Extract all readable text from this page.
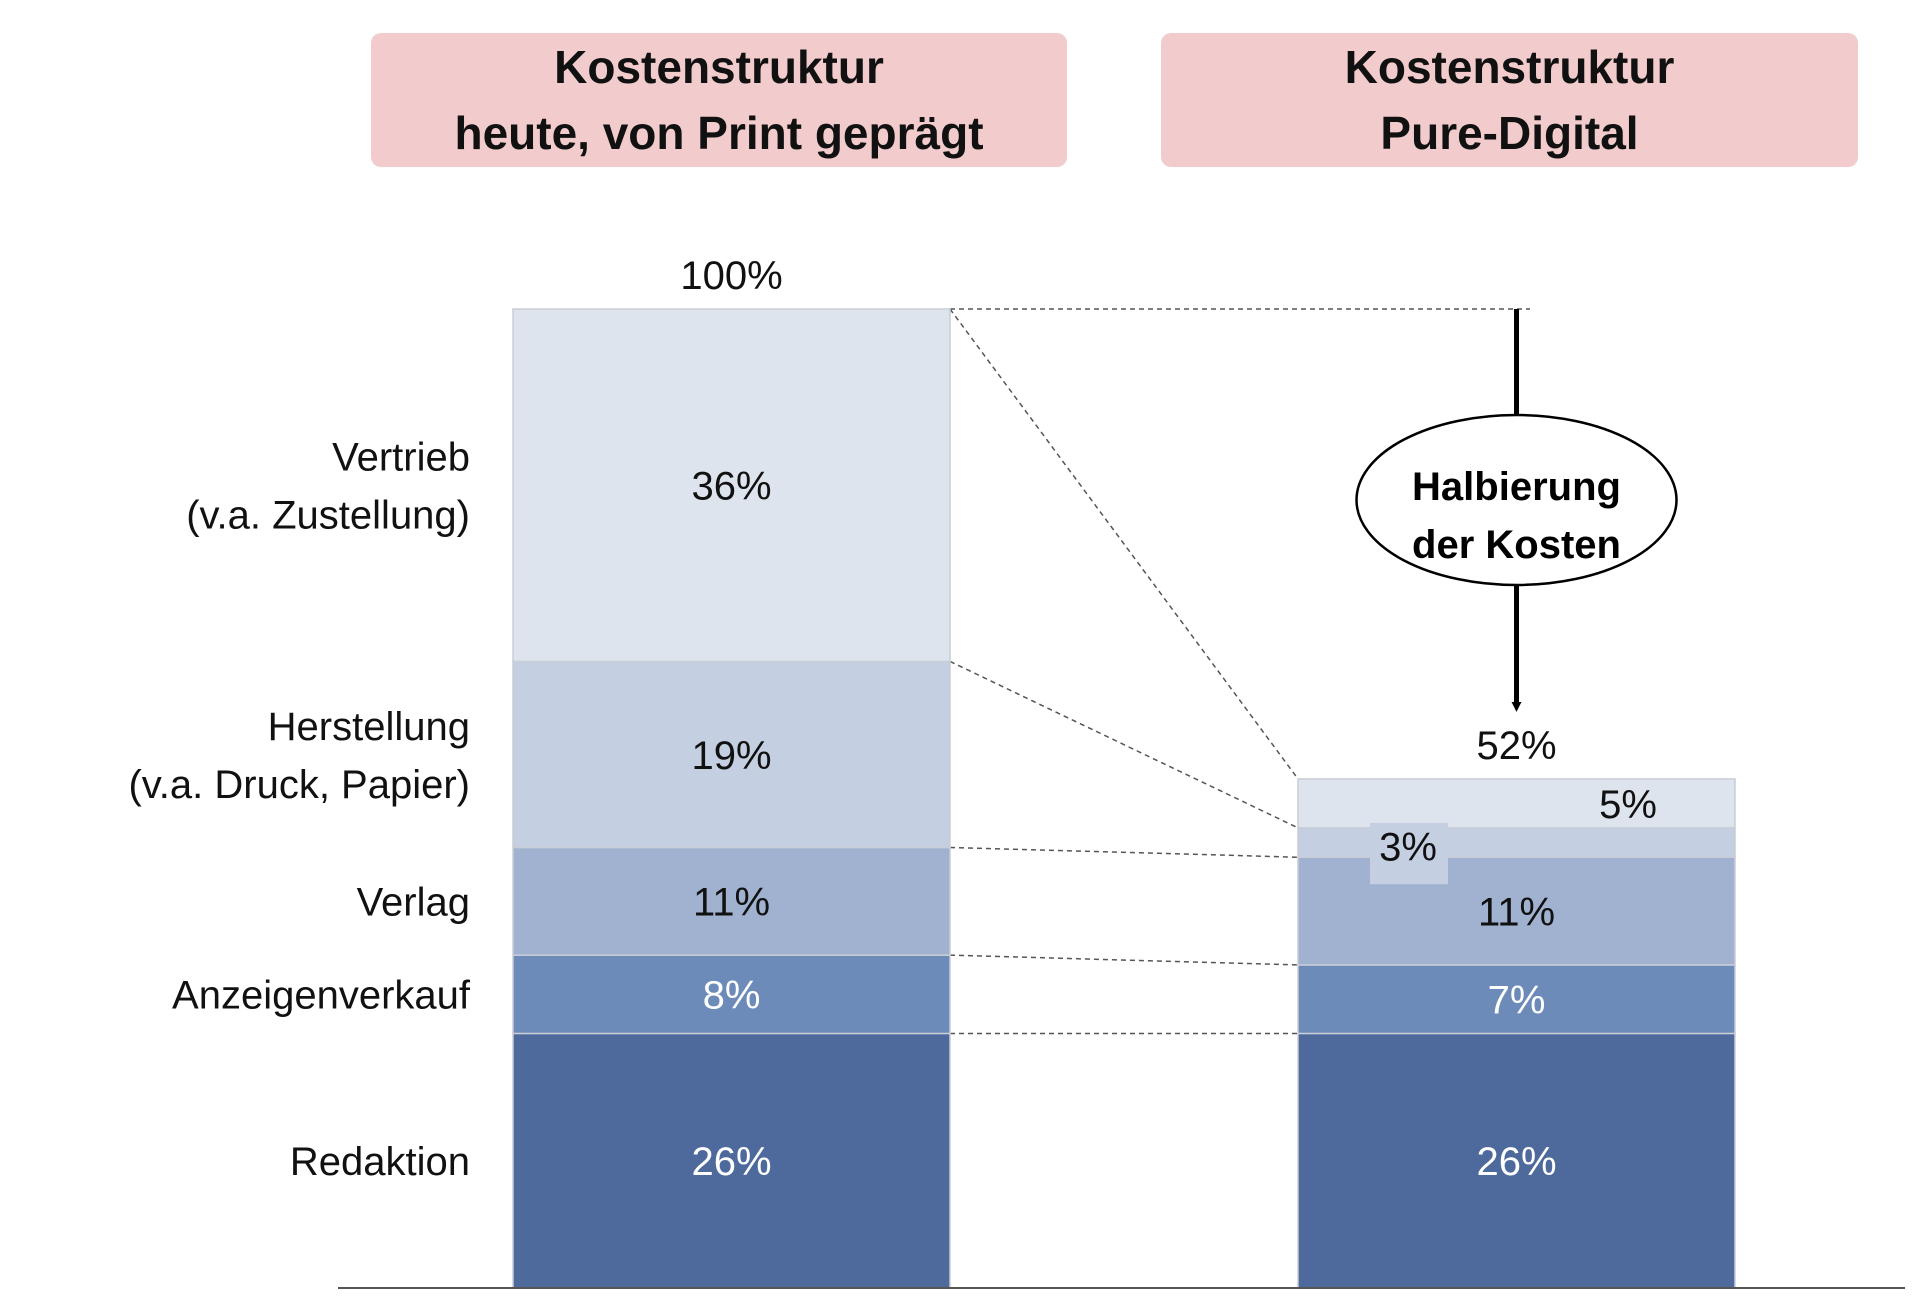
Kostenstruktur
heute, von Print geprägt
Kostenstruktur
Pure-Digital
26%	26%
8%	7%
11%	11%
19%
3%
36%
5%
Redaktion
Anzeigenverkauf
Verlag
Herstellung
(v.a. Druck, Papier)
Vertrieb
(v.a. Zustellung)
100%
52%
Halbierung
der Kosten
